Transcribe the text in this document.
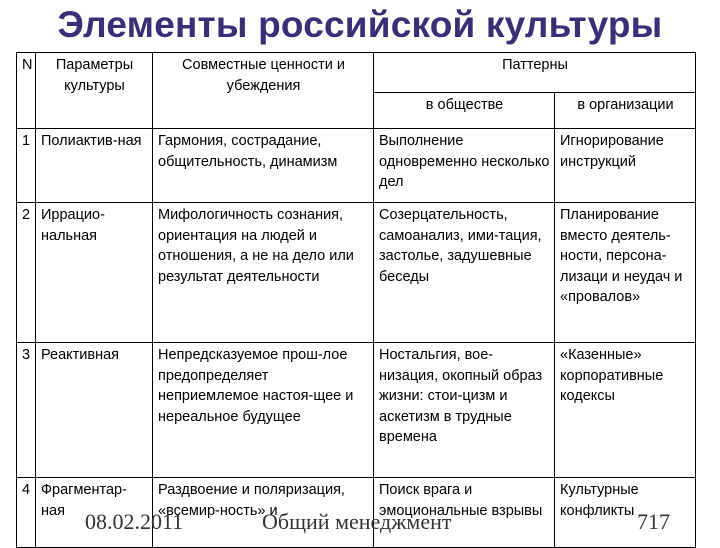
Элементы российской культуры
N	Параметры культуры	Совместные ценности и убеждения	Паттерны	
			в обществе	в организации
1	Полиактив-ная	Гармония, сострадание, общительность, динамизм	Выполнение одновременно несколько дел	Игнорирование инструкций
2	Иррацио-нальная	Мифологичность сознания, ориентация на людей и отношения, а не на дело или результат деятельности	Созерцательность, самоанализ, ими-тация, застолье, задушевные беседы	Планирование вместо деятель-ности, персона-лизаци и неудач и «провалов»
3	Реактивная	Непредсказуемое прош-лое предопределяет неприемлемое настоя-щее и нереальное будущее	Ностальгия, вое-низация, окопный образ жизни: стои-цизм и аскетизм в трудные времена	«Казенные» корпоративные кодексы
4	Фрагментар-ная	Раздвоение и поляризация, «всемир-ность» и	Поиск врага и эмоциональные взрывы	Культурные конфликты
08.02.2011	Общий менеджмент	717
